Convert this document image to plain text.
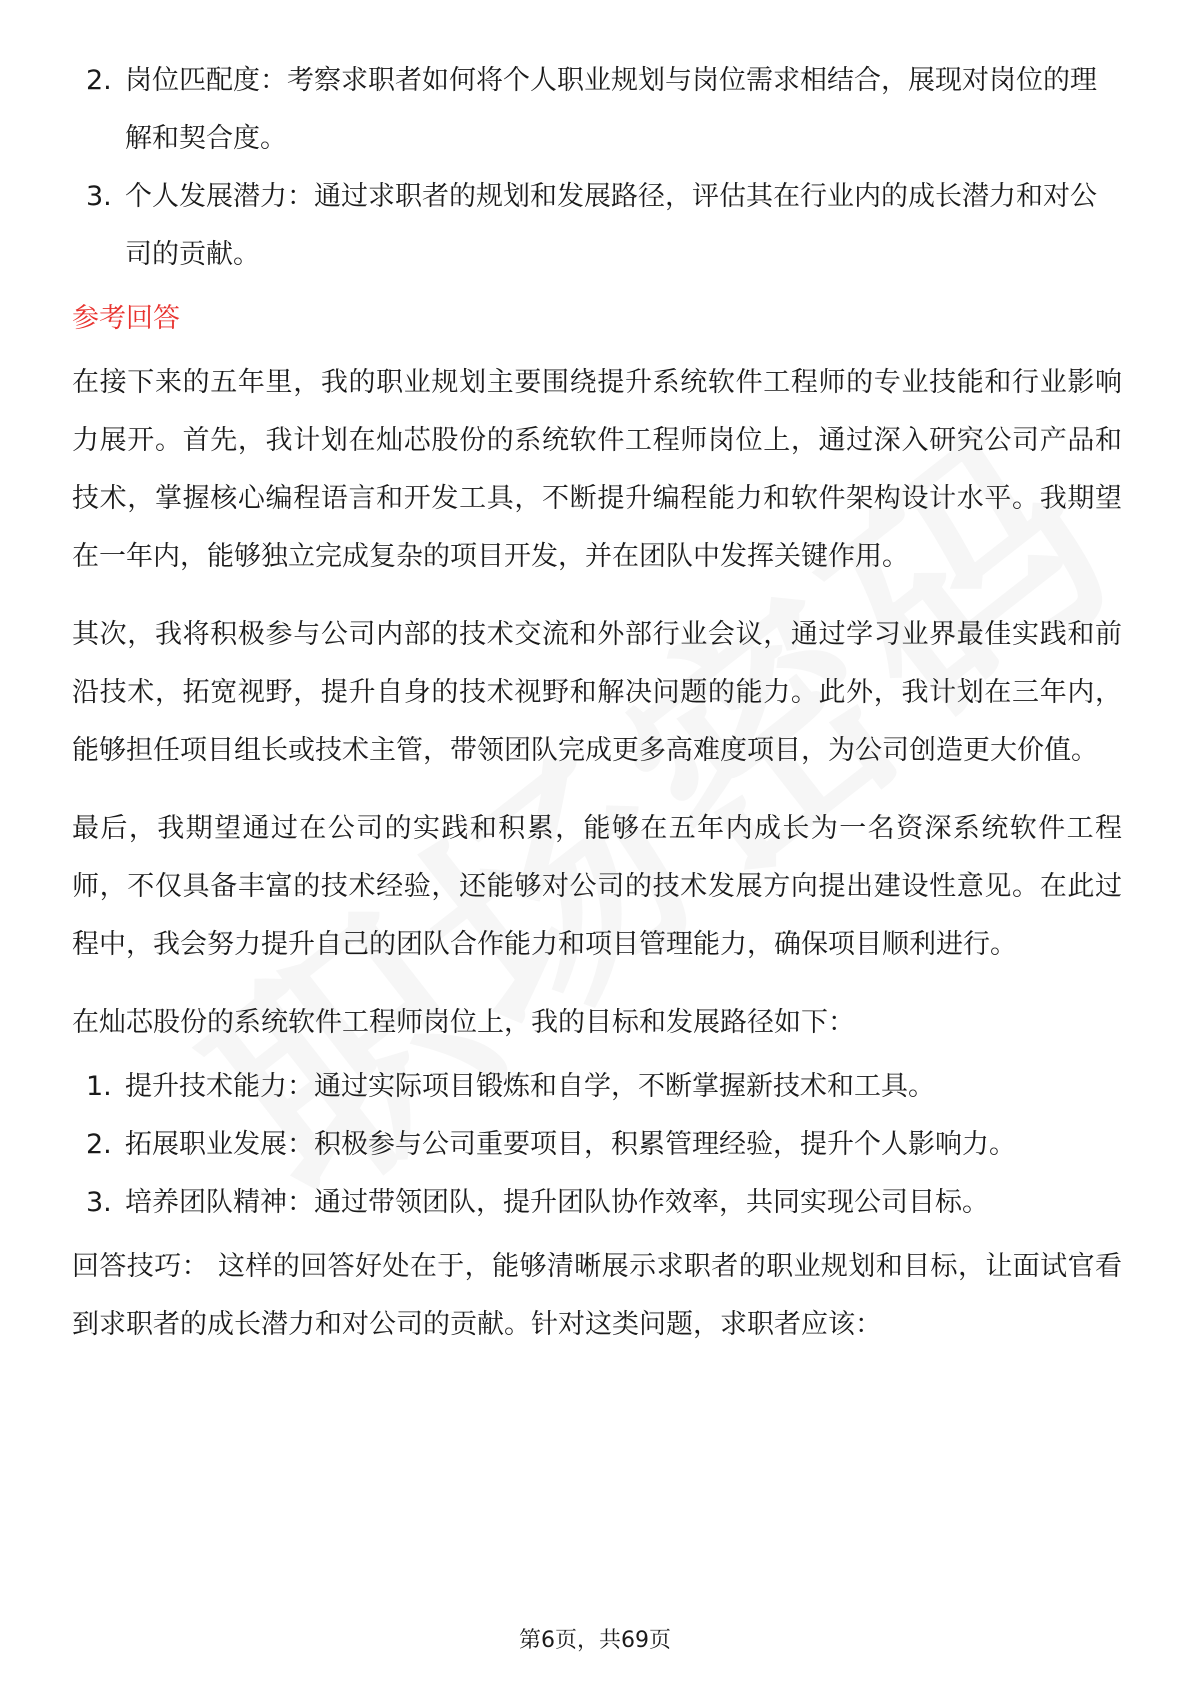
2. 岗位匹配度：考察求职者如何将个人职业规划与岗位需求相结合，展现对岗位的理解和契合度。
3. 个人发展潜力：通过求职者的规划和发展路径，评估其在行业内的成长潜力和对公司的贡献。

参考回答

在接下来的五年里，我的职业规划主要围绕提升系统软件工程师的专业技能和行业影响力展开。首先，我计划在灿芯股份的系统软件工程师岗位上，通过深入研究公司产品和技术，掌握核心编程语言和开发工具，不断提升编程能力和软件架构设计水平。我期望在一年内，能够独立完成复杂的项目开发，并在团队中发挥关键作用。

其次，我将积极参与公司内部的技术交流和外部行业会议，通过学习业界最佳实践和前沿技术，拓宽视野，提升自身的技术视野和解决问题的能力。此外，我计划在三年内，能够担任项目组长或技术主管，带领团队完成更多高难度项目，为公司创造更大价值。

最后，我期望通过在公司的实践和积累，能够在五年内成长为一名资深系统软件工程师，不仅具备丰富的技术经验，还能够对公司的技术发展方向提出建设性意见。在此过程中，我会努力提升自己的团队合作能力和项目管理能力，确保项目顺利进行。

在灿芯股份的系统软件工程师岗位上，我的目标和发展路径如下：

1. 提升技术能力：通过实际项目锻炼和自学，不断掌握新技术和工具。
2. 拓展职业发展：积极参与公司重要项目，积累管理经验，提升个人影响力。
3. 培养团队精神：通过带领团队，提升团队协作效率，共同实现公司目标。

回答技巧： 这样的回答好处在于，能够清晰展示求职者的职业规划和目标，让面试官看到求职者的成长潜力和对公司的贡献。针对这类问题，求职者应该：

第6页，共69页
